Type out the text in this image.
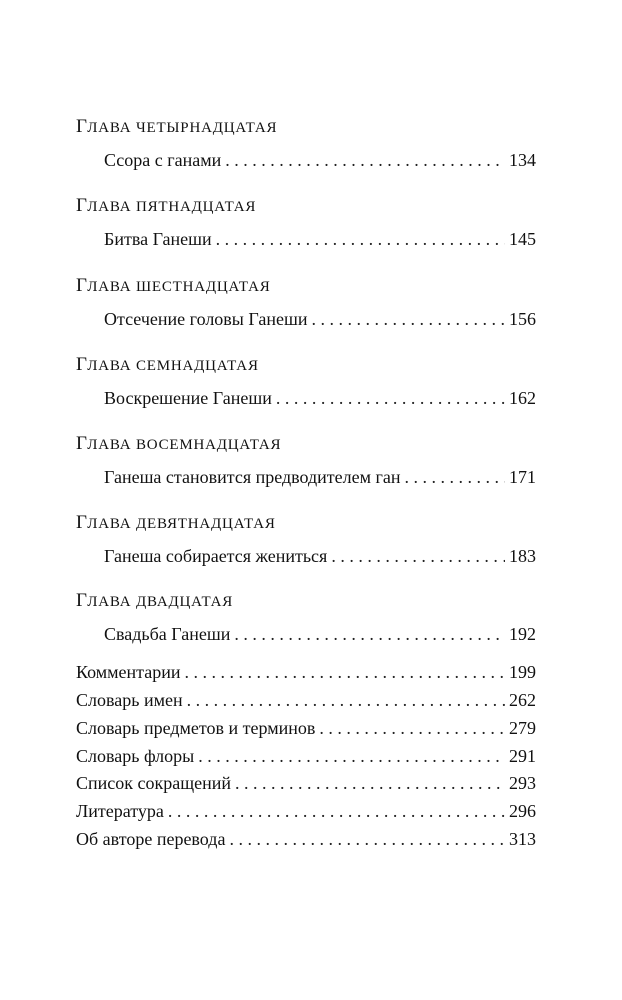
ГЛАВА ЧЕТЫРНАДЦАТАЯ
Ссора с ганами . . .	134
ГЛАВА ПЯТНАДЦАТАЯ
Битва Ганеши . . .	145
ГЛАВА ШЕСТНАДЦАТАЯ
Отсечение головы Ганеши . . .	156
ГЛАВА СЕМНАДЦАТАЯ
Воскрешение Ганеши . . .	162
ГЛАВА ВОСЕМНАДЦАТАЯ
Ганеша становится предводителем ган . . .	171
ГЛАВА ДЕВЯТНАДЦАТАЯ
Ганеша собирается жениться . . .	183
ГЛАВА ДВАДЦАТАЯ
Свадьба Ганеши . . .	192
Комментарии . . .	199
Словарь имен . . .	262
Словарь предметов и терминов . . .	279
Словарь флоры . . .	291
Список сокращений . . .	293
Литература . . .	296
Об авторе перевода . . .	313
